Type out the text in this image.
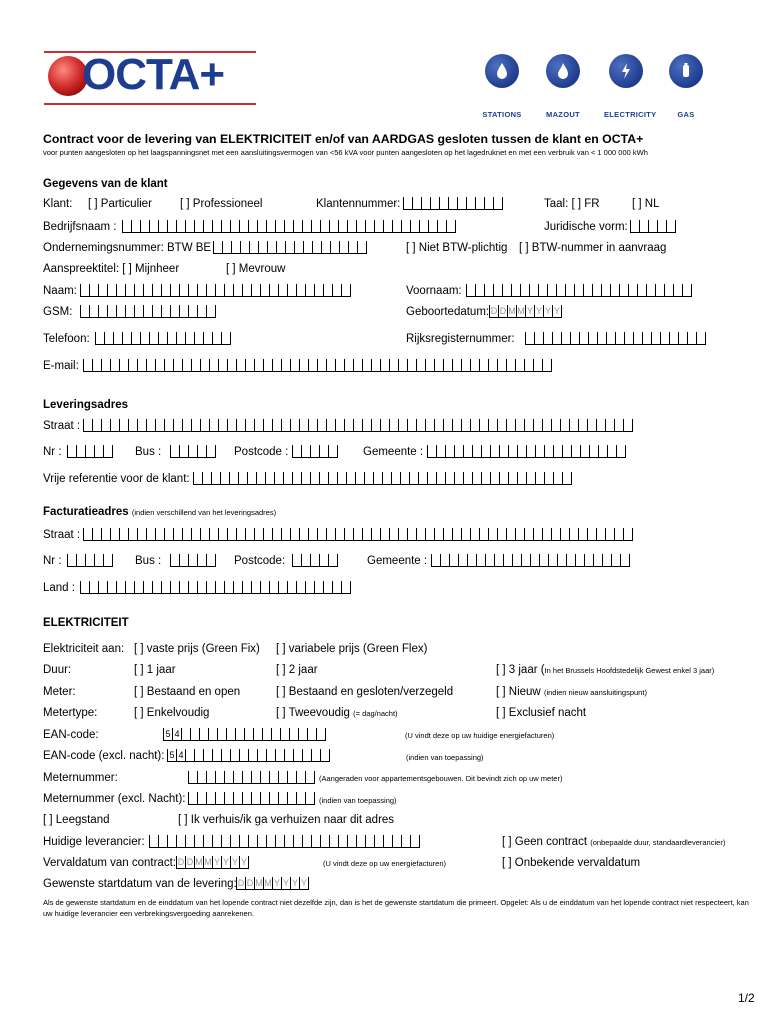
OCTA+
STATIONS	MAZOUT	ELECTRICITY	GAS
Contract voor de levering van ELEKTRICITEIT en/of van AARDGAS gesloten tussen de klant en OCTA+
voor punten aangesloten op het laagspanningsnet met een aansluitingsvermogen van <56 kVA voor punten aangesloten op het lagedruknet en met een verbruik van < 1 000 000 kWh
Gegevens van de klant
Klant: [ ] Particulier [ ] Professioneel	Klantennummer:	Taal: [ ] FR	[ ] NL
Bedrijfsnaam :	Juridische vorm:
Ondernemingsnummer: BTW BE	[ ] Niet BTW-plichtig [ ] BTW-nummer in aanvraag
Aanspreektitel: [ ] Mijnheer	[ ] Mevrouw
Naam:	Voornaam:
GSM:	Geboortedatum: D D M M Y Y Y Y
Telefoon:	Rijksregisternummer:
E-mail:
Leveringsadres
Straat :
Nr :	Bus :	Postcode :	Gemeente :
Vrije referentie voor de klant:
Facturatieadres (indien verschillend van het leveringsadres)
Straat :
Nr :	Bus :	Postcode:	Gemeente :
Land :
ELEKTRICITEIT
Elektriciteit aan: [ ] vaste prijs (Green Fix) [ ] variabele prijs (Green Flex)
Duur:	[ ] 1 jaar	[ ] 2 jaar	[ ] 3 jaar (In het Brussels Hoofdstedelijk Gewest enkel 3 jaar)
Meter:	[ ] Bestaand en open	[ ] Bestaand en gesloten/verzegeld	[ ] Nieuw (indien nieuw aansluitingspunt)
Metertype:	[ ] Enkelvoudig	[ ] Tweevoudig (= dag/nacht)	[ ] Exclusief nacht
EAN-code:	5 4	(U vindt deze op uw huidige energiefacturen)
EAN-code (excl. nacht): 5 4	(indien van toepassing)
Meternummer:	(Aangeraden voor appartementsgebouwen. Dit bevindt zich op uw meter)
Meternummer (excl. Nacht):	(indien van toepassing)
[ ] Leegstand	[ ] Ik verhuis/ik ga verhuizen naar dit adres
Huidige leverancier:	[ ] Geen contract (onbepaalde duur, standaardleverancier)
Vervaldatum van contract: D D M M Y Y Y Y	(U vindt deze op uw energiefacturen)	[ ] Onbekende vervaldatum
Gewenste startdatum van de levering: D D M M Y Y Y Y
Als de gewenste startdatum en de einddatum van het lopende contract niet dezelfde zijn, dan is het de gewenste startdatum die primeert. Opgelet: Als u de einddatum van het lopende contract niet respecteert, kan uw huidige leverancier een verbrekingsvergoeding aanrekenen.
1/2
